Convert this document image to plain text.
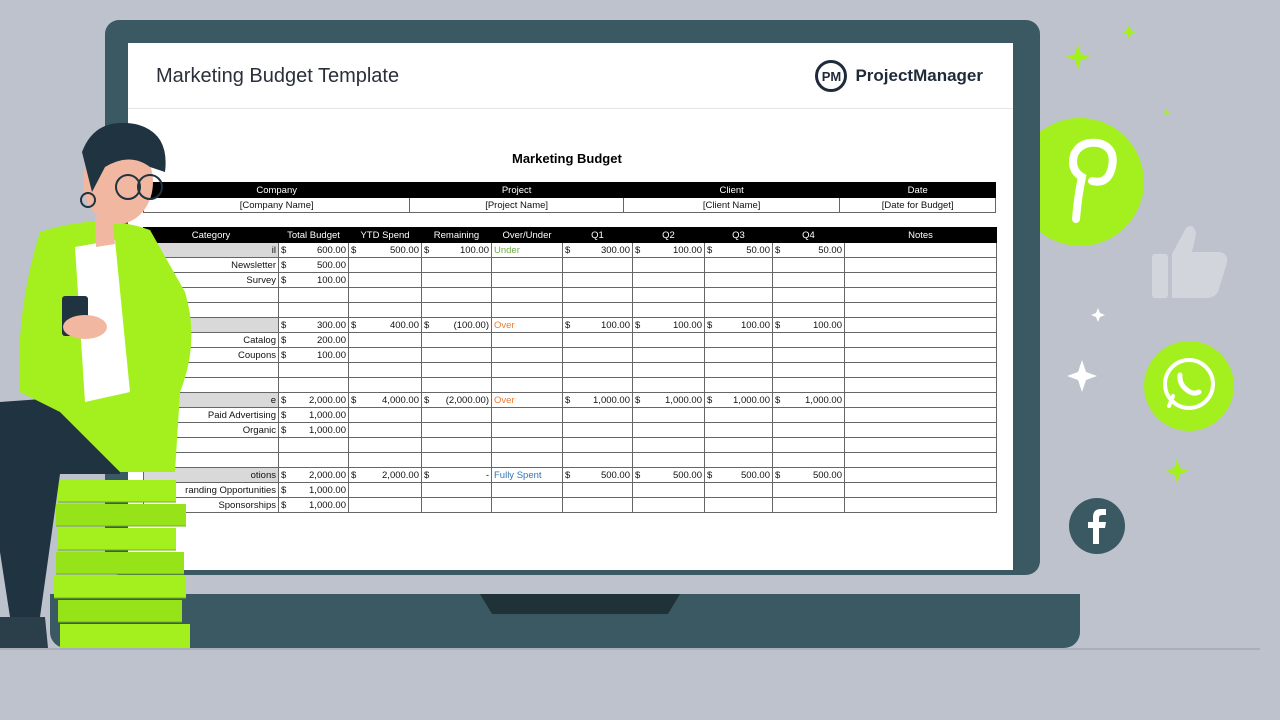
Marketing Budget Template	PM ProjectManager
Marketing Budget
Company	Project	Client	Date
[Company Name]	[Project Name]	[Client Name]	[Date for Budget]
Category	Total Budget	YTD Spend	Remaining	Over/Under	Q1	Q2	Q3	Q4	Notes
il	$ 600.00	$ 500.00	$ 100.00	Under	$ 300.00	$ 100.00	$ 50.00	$ 50.00	

Newsletter	$ 500.00								

Survey	$ 100.00								

	$ 300.00	$ 400.00	$ (100.00)	Over	$ 100.00	$ 100.00	$ 100.00	$ 100.00	

Catalog	$ 200.00								

Coupons	$ 100.00								

e	$ 2,000.00	$ 4,000.00	$ (2,000.00)	Over	$ 1,000.00	$ 1,000.00	$ 1,000.00	$ 1,000.00	

Paid Advertising	$ 1,000.00								

Organic	$ 1,000.00								

otions	$ 2,000.00	$ 2,000.00	$ -	Fully Spent	$ 500.00	$ 500.00	$ 500.00	$ 500.00	

randing Opportunities	$ 1,000.00								

Sponsorships	$ 1,000.00								
